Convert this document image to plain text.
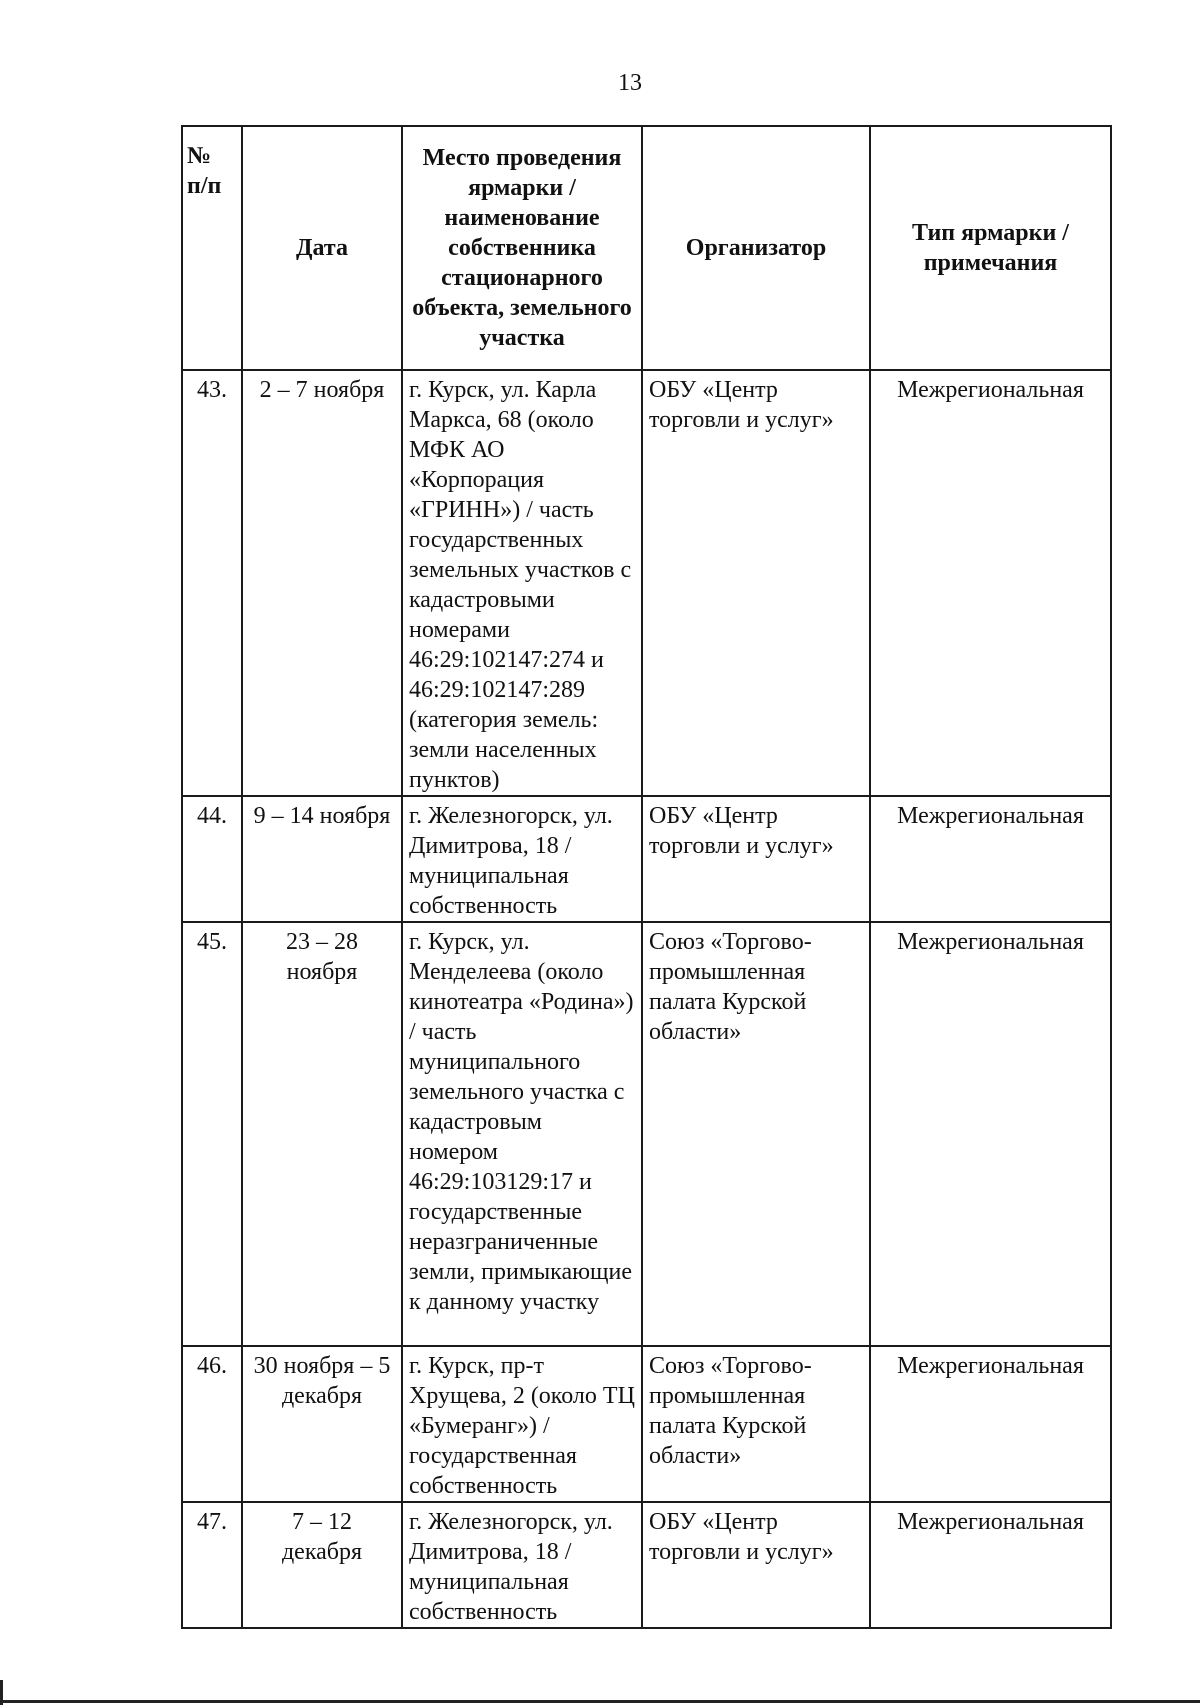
13
№ п/п	Дата	Место проведения ярмарки / наименование собственника стационарного объекта, земельного участка	Организатор	Тип ярмарки / примечания
43.	2 – 7 ноября	г. Курск, ул. Карла Маркса, 68 (около МФК АО «Корпорация «ГРИНН») / часть государственных земельных участков с кадастровыми номерами 46:29:102147:274 и 46:29:102147:289 (категория земель: земли населенных пунктов)	ОБУ «Центр торговли и услуг»	Межрегиональная
44.	9 – 14 ноября	г. Железногорск, ул. Димитрова, 18 / муниципальная собственность	ОБУ «Центр торговли и услуг»	Межрегиональная
45.	23 – 28 ноября	г. Курск, ул. Менделеева (около кинотеатра «Родина») / часть муниципального земельного участка с кадастровым номером 46:29:103129:17 и государственные неразграниченные земли, примыкающие к данному участку	Союз «Торгово-промышленная палата Курской области»	Межрегиональная
46.	30 ноября – 5 декабря	г. Курск, пр-т Хрущева, 2 (около ТЦ «Бумеранг») / государственная собственность	Союз «Торгово-промышленная палата Курской области»	Межрегиональная
47.	7 – 12 декабря	г. Железногорск, ул. Димитрова, 18 / муниципальная собственность	ОБУ «Центр торговли и услуг»	Межрегиональная
